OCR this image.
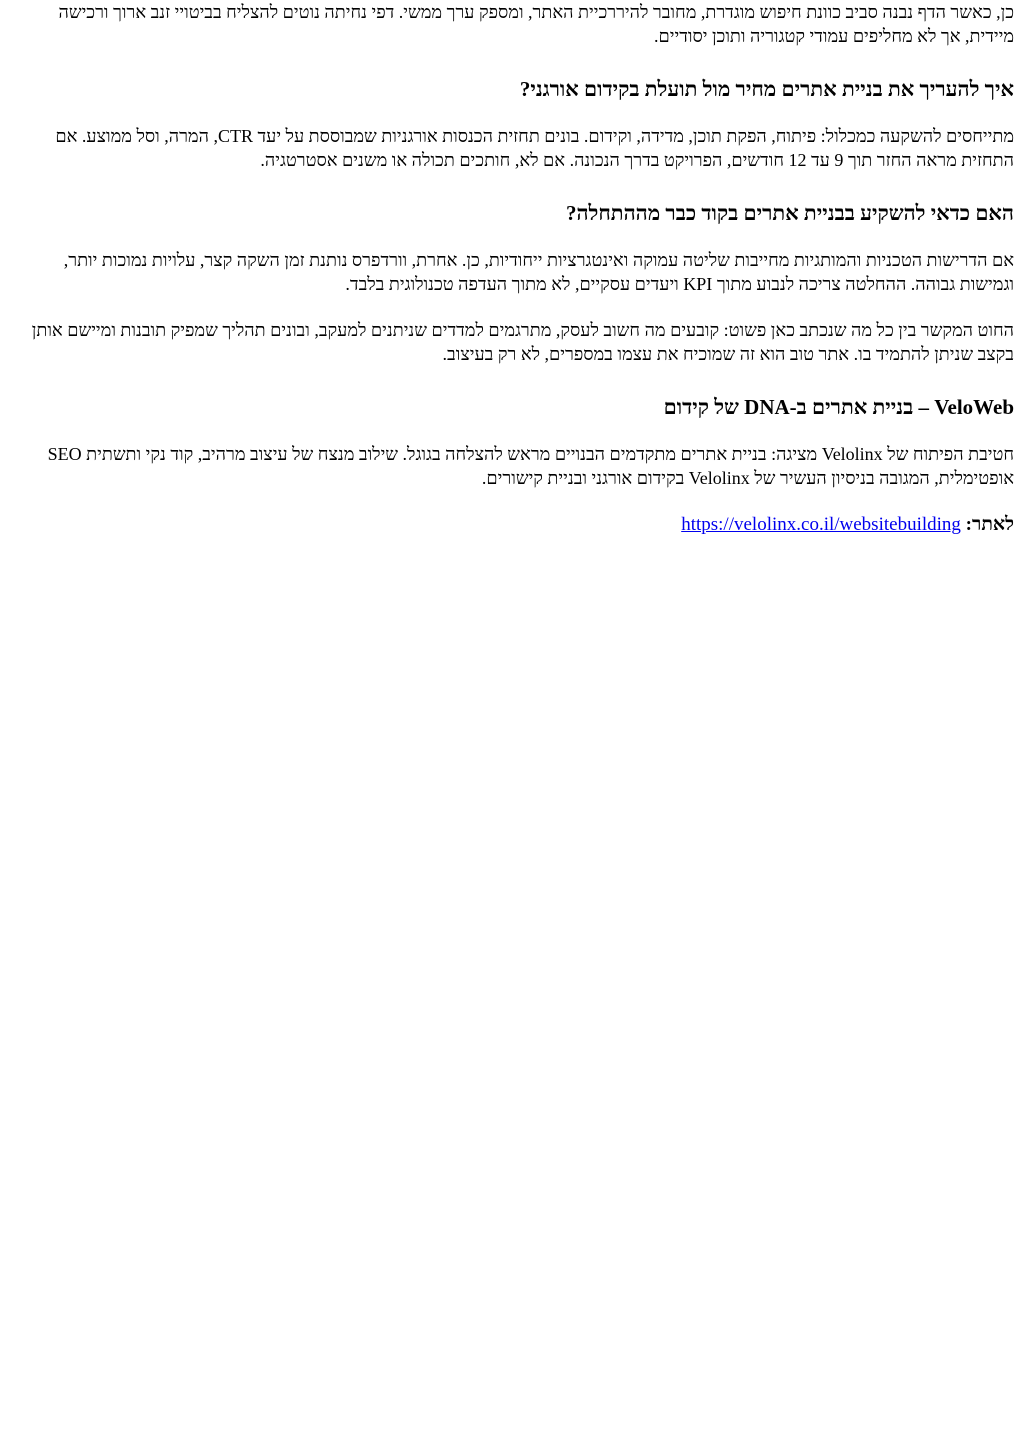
כן, כאשר הדף נבנה סביב כוונת חיפוש מוגדרת, מחובר להיררכיית האתר, ומספק ערך ממשי. דפי נחיתה נוטים להצליח בביטויי זנב ארוך ורכישה מיידית, אך לא מחליפים עמודי קטגוריה ותוכן יסודיים.

איך להעריך את בניית אתרים מחיר מול תועלת בקידום אורגני?

מתייחסים להשקעה כמכלול: פיתוח, הפקת תוכן, מדידה, וקידום. בונים תחזית הכנסות אורגניות שמבוססת על יעד CTR, המרה, וסל ממוצע. אם התחזית מראה החזר תוך 9 עד 12 חודשים, הפרויקט בדרך הנכונה. אם לא, חותכים תכולה או משנים אסטרטגיה.

האם כדאי להשקיע בבניית אתרים בקוד כבר מההתחלה?

אם הדרישות הטכניות והמותגיות מחייבות שליטה עמוקה ואינטגרציות ייחודיות, כן. אחרת, וורדפרס נותנת זמן השקה קצר, עלויות נמוכות יותר, וגמישות גבוהה. ההחלטה צריכה לנבוע מתוך KPI ויעדים עסקיים, לא מתוך העדפה טכנולוגית בלבד.

החוט המקשר בין כל מה שנכתב כאן פשוט: קובעים מה חשוב לעסק, מתרגמים למדדים שניתנים למעקב, ובונים תהליך שמפיק תובנות ומיישם אותן בקצב שניתן להתמיד בו. אתר טוב הוא זה שמוכיח את עצמו במספרים, לא רק בעיצוב.

VeloWeb – בניית אתרים ב-DNA של קידום

חטיבת הפיתוח של Velolinx מציגה: בניית אתרים מתקדמים הבנויים מראש להצלחה בגוגל. שילוב מנצח של עיצוב מרהיב, קוד נקי ותשתית SEO אופטימלית, המגובה בניסיון העשיר של Velolinx בקידום אורגני ובניית קישורים.

לאתר: https://velolinx.co.il/websitebuilding
